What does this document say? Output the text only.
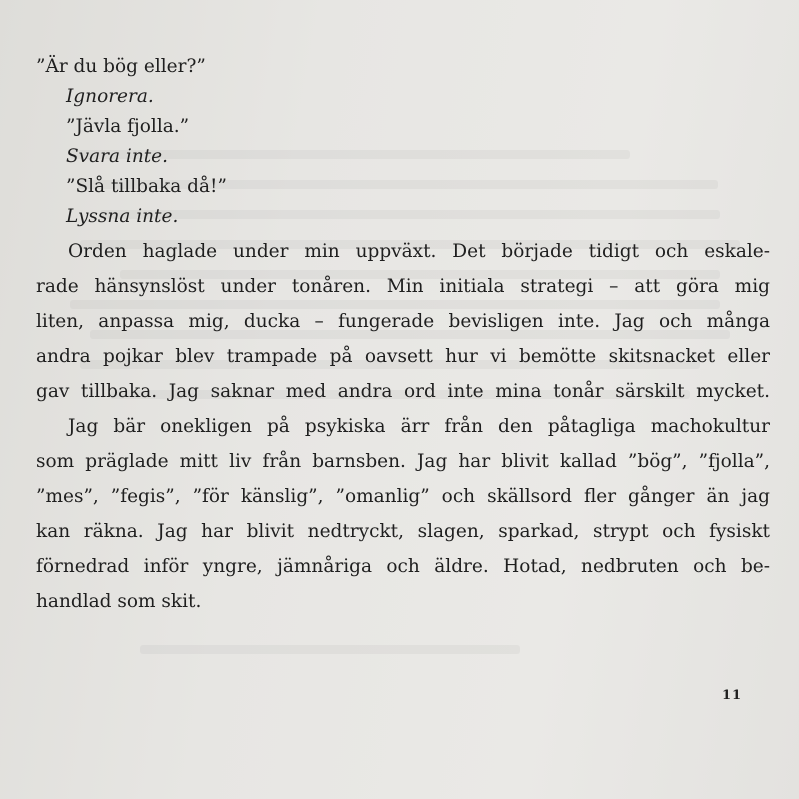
”Är du bög eller?”
Ignorera.
”Jävla fjolla.”
Svara inte.
”Slå tillbaka då!”
Lyssna inte.
Orden haglade under min uppväxt. Det började tidigt och eskale-
rade hänsynslöst under tonåren. Min initiala strategi – att göra mig
liten, anpassa mig, ducka – fungerade bevisligen inte. Jag och många
andra pojkar blev trampade på oavsett hur vi bemötte skitsnacket eller
gav tillbaka. Jag saknar med andra ord inte mina tonår särskilt mycket.
Jag bär onekligen på psykiska ärr från den påtagliga machokultur
som präglade mitt liv från barnsben. Jag har blivit kallad ”bög”, ”fjolla”,
”mes”, ”fegis”, ”för känslig”, ”omanlig” och skällsord fler gånger än jag
kan räkna. Jag har blivit nedtryckt, slagen, sparkad, strypt och fysiskt
förnedrad inför yngre, jämnåriga och äldre. Hotad, nedbruten och be-
handlad som skit.
11
